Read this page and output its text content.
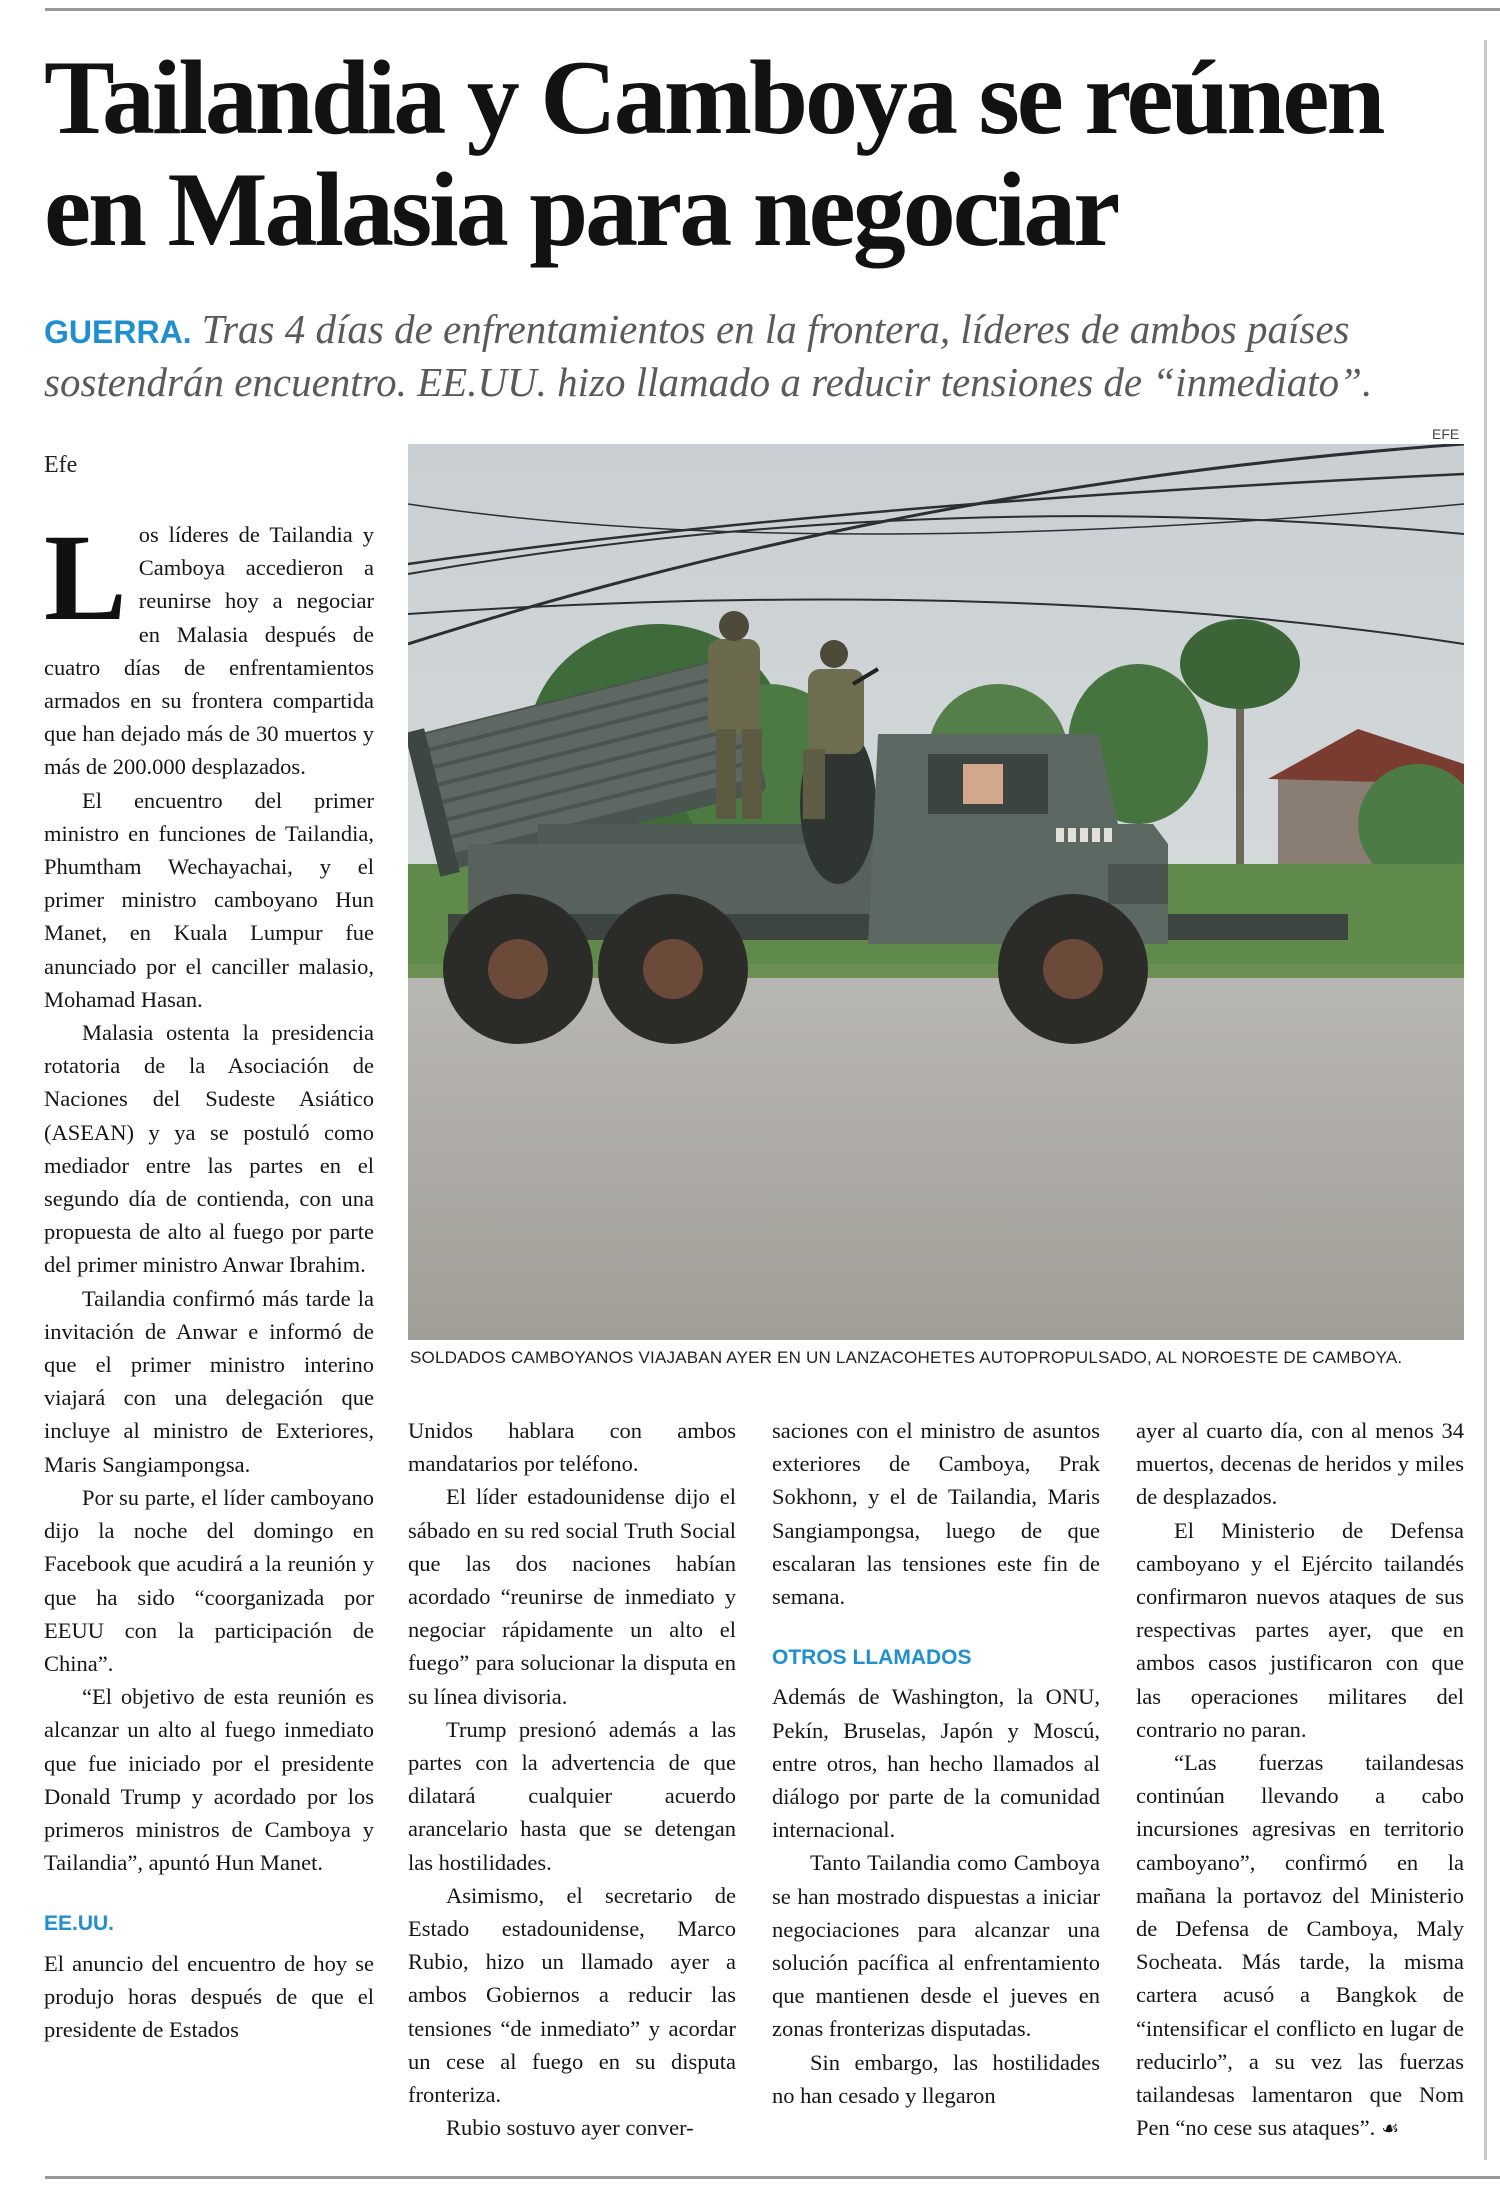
Tailandia y Camboya se reúnen en Malasia para negociar

GUERRA. Tras 4 días de enfrentamientos en la frontera, líderes de ambos países sostendrán encuentro. EE.UU. hizo llamado a reducir tensiones de “inmediato”.

Efe

EFE

SOLDADOS CAMBOYANOS VIAJABAN AYER EN UN LANZACOHETES AUTOPROPULSADO, AL NOROESTE DE CAMBOYA.

Los líderes de Tailandia y Camboya accedieron a reunirse hoy a negociar en Malasia después de cuatro días de enfrentamientos armados en su frontera compartida que han dejado más de 30 muertos y más de 200.000 desplazados.

El encuentro del primer ministro en funciones de Tailandia, Phumtham Wechayachai, y el primer ministro camboyano Hun Manet, en Kuala Lumpur fue anunciado por el canciller malasio, Mohamad Hasan.

Malasia ostenta la presidencia rotatoria de la Asociación de Naciones del Sudeste Asiático (ASEAN) y ya se postuló como mediador entre las partes en el segundo día de contienda, con una propuesta de alto al fuego por parte del primer ministro Anwar Ibrahim.

Tailandia confirmó más tarde la invitación de Anwar e informó de que el primer ministro interino viajará con una delegación que incluye al ministro de Exteriores, Maris Sangiampongsa.

Por su parte, el líder camboyano dijo la noche del domingo en Facebook que acudirá a la reunión y que ha sido “coorganizada por EEUU con la participación de China”.

“El objetivo de esta reunión es alcanzar un alto al fuego inmediato que fue iniciado por el presidente Donald Trump y acordado por los primeros ministros de Camboya y Tailandia”, apuntó Hun Manet.

EE.UU.

El anuncio del encuentro de hoy se produjo horas después de que el presidente de Estados

Unidos hablara con ambos mandatarios por teléfono.

El líder estadounidense dijo el sábado en su red social Truth Social que las dos naciones habían acordado “reunirse de inmediato y negociar rápidamente un alto el fuego” para solucionar la disputa en su línea divisoria.

Trump presionó además a las partes con la advertencia de que dilatará cualquier acuerdo arancelario hasta que se detengan las hostilidades.

Asimismo, el secretario de Estado estadounidense, Marco Rubio, hizo un llamado ayer a ambos Gobiernos a reducir las tensiones “de inmediato” y acordar un cese al fuego en su disputa fronteriza.

Rubio sostuvo ayer conver-

saciones con el ministro de asuntos exteriores de Camboya, Prak Sokhonn, y el de Tailandia, Maris Sangiampongsa, luego de que escalaran las tensiones este fin de semana.

OTROS LLAMADOS

Además de Washington, la ONU, Pekín, Bruselas, Japón y Moscú, entre otros, han hecho llamados al diálogo por parte de la comunidad internacional.

Tanto Tailandia como Camboya se han mostrado dispuestas a iniciar negociaciones para alcanzar una solución pacífica al enfrentamiento que mantienen desde el jueves en zonas fronterizas disputadas.

Sin embargo, las hostilidades no han cesado y llegaron

ayer al cuarto día, con al menos 34 muertos, decenas de heridos y miles de desplazados.

El Ministerio de Defensa camboyano y el Ejército tailandés confirmaron nuevos ataques de sus respectivas partes ayer, que en ambos casos justificaron con que las operaciones militares del contrario no paran.

“Las fuerzas tailandesas continúan llevando a cabo incursiones agresivas en territorio camboyano”, confirmó en la mañana la portavoz del Ministerio de Defensa de Camboya, Maly Socheata. Más tarde, la misma cartera acusó a Bangkok de “intensificar el conflicto en lugar de reducirlo”, a su vez las fuerzas tailandesas lamentaron que Nom Pen “no cese sus ataques”. ☙
